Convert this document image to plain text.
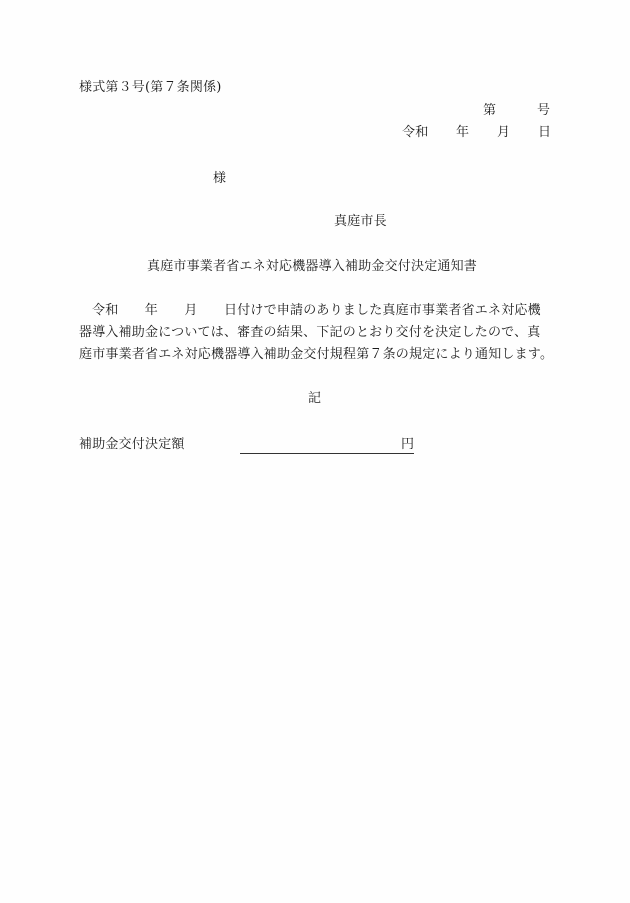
様式第３号(第７条関係)
第	号
令和 年 月 日
様
真庭市長
真庭市事業者省エネ対応機器導入補助金交付決定通知書
令和　　年　　月　　日付けで申請のありました真庭市事業者省エネ対応機
器導入補助金については、審査の結果、下記のとおり交付を決定したので、真
庭市事業者省エネ対応機器導入補助金交付規程第７条の規定により通知します。
記
補助金交付決定額	円
